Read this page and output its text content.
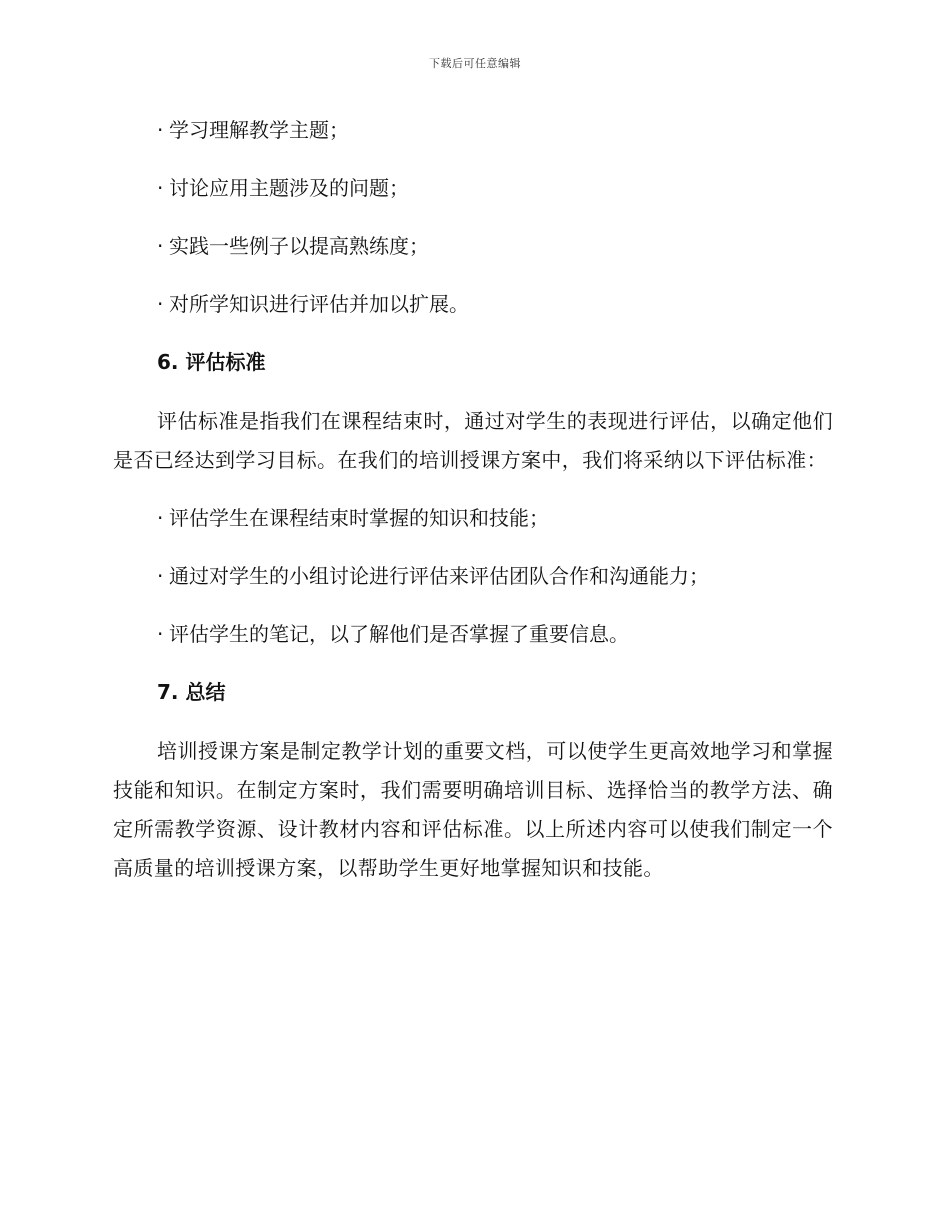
下载后可任意编辑
· 学习理解教学主题；
· 讨论应用主题涉及的问题；
· 实践一些例子以提高熟练度；
· 对所学知识进行评估并加以扩展。
6. 评估标准
评估标准是指我们在课程结束时，通过对学生的表现进行评估，以确定他们是否已经达到学习目标。在我们的培训授课方案中，我们将采纳以下评估标准：
· 评估学生在课程结束时掌握的知识和技能；
· 通过对学生的小组讨论进行评估来评估团队合作和沟通能力；
· 评估学生的笔记，以了解他们是否掌握了重要信息。
7. 总结
培训授课方案是制定教学计划的重要文档，可以使学生更高效地学习和掌握技能和知识。在制定方案时，我们需要明确培训目标、选择恰当的教学方法、确定所需教学资源、设计教材内容和评估标准。以上所述内容可以使我们制定一个高质量的培训授课方案，以帮助学生更好地掌握知识和技能。
